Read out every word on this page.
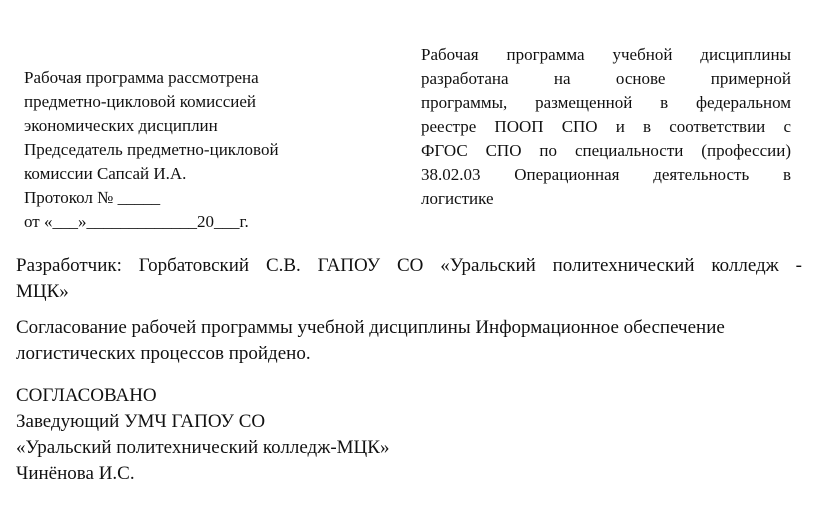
Рабочая программа рассмотрена
предметно-цикловой комиссией
экономических дисциплин
Председатель предметно-цикловой
комиссии Сапсай И.А.
Протокол № _____
от «___»_____________20___г.
Рабочая программа учебной дисциплины
разработана на основе примерной
программы, размещенной в федеральном
реестре ПООП СПО и в соответствии с
ФГОС СПО по специальности (профессии)
38.02.03 Операционная деятельность в
логистике
Разработчик: Горбатовский С.В. ГАПОУ СО «Уральский политехнический колледж -
МЦК»
Согласование рабочей программы учебной дисциплины Информационное обеспечение
логистических процессов пройдено.
СОГЛАСОВАНО
Заведующий УМЧ ГАПОУ СО
«Уральский политехнический колледж-МЦК»
Чинёнова И.С.
